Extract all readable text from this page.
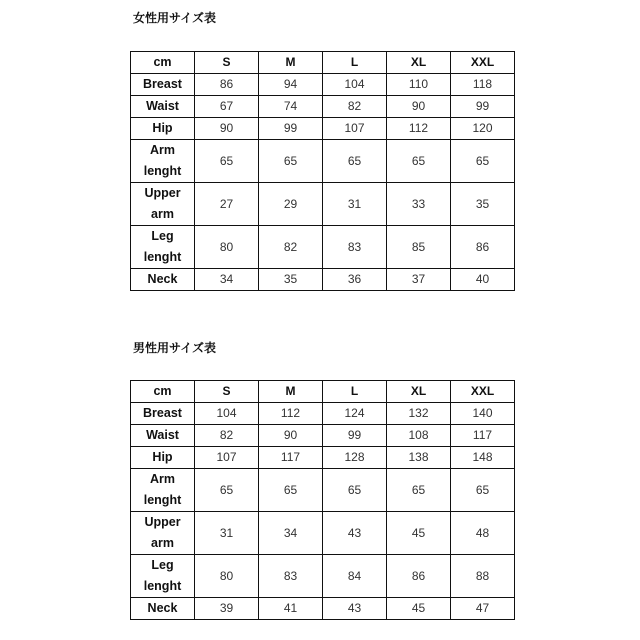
女性用サイズ表
cm	S	M	L	XL	XXL
Breast	86	94	104	110	118
Waist	67	74	82	90	99
Hip	90	99	107	112	120
Arm
lenght	65	65	65	65	65
Upper
arm	27	29	31	33	35
Leg
lenght	80	82	83	85	86
Neck	34	35	36	37	40
男性用サイズ表
cm	S	M	L	XL	XXL
Breast	104	112	124	132	140
Waist	82	90	99	108	117
Hip	107	117	128	138	148
Arm
lenght	65	65	65	65	65
Upper
arm	31	34	43	45	48
Leg
lenght	80	83	84	86	88
Neck	39	41	43	45	47
